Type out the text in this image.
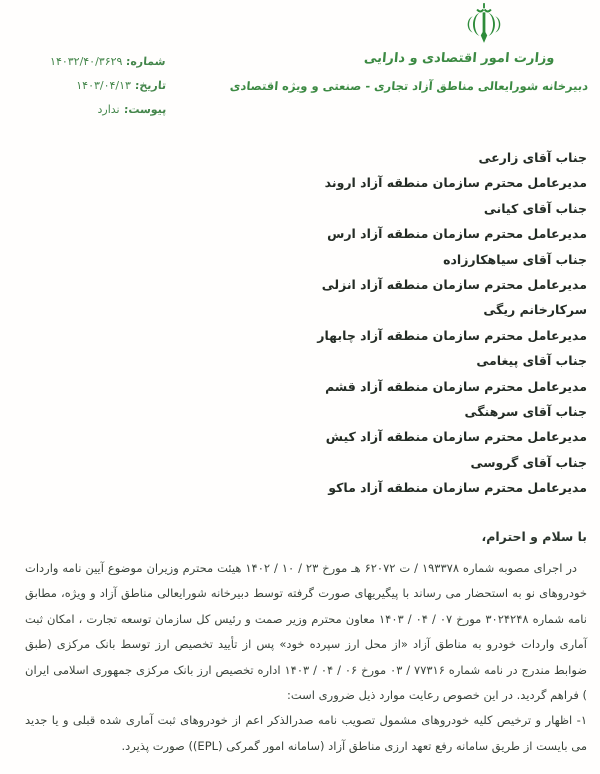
وزارت امور اقتصادی و دارایی
دبیرخانه شورایعالی مناطق آزاد تجاری - صنعتی و ویژه اقتصادی
شماره:۱۴۰۳۲/۴۰/۳۶۲۹
تاریخ:۱۴۰۳/۰۴/۱۳
پیوست:ندارد
جناب آقای زارعی
مدیرعامل محترم سازمان منطقه آزاد اروند
جناب آقای کیانی
مدیرعامل محترم سازمان منطقه آزاد ارس
جناب آقای سیاهکارزاده
مدیرعامل محترم سازمان منطقه آزاد انزلی
سرکارخانم ریگی
مدیرعامل محترم سازمان منطقه آزاد چابهار
جناب آقای پیغامی
مدیرعامل محترم سازمان منطقه آزاد قشم
جناب آقای سرهنگی
مدیرعامل محترم سازمان منطقه آزاد کیش
جناب آقای گروسی
مدیرعامل محترم سازمان منطقه آزاد ماکو
با سلام و احترام،

در اجرای مصوبه شماره ۱۹۳۳۷۸ / ت ۶۲۰۷۲ هـ مورخ ۲۳ / ۱۰ / ۱۴۰۲ هیئت محترم وزیران موضوع آیین نامه واردات خودروهای نو به استحضار می رساند با پیگیریهای صورت گرفته توسط دبیرخانه شورایعالی مناطق آزاد و ویژه، مطابق نامه شماره ۳۰۲۴۲۴۸ مورخ ۰۷ / ۰۴ / ۱۴۰۳ معاون محترم وزیر صمت و رئیس کل سازمان توسعه تجارت ، امکان ثبت آماری واردات خودرو به مناطق آزاد «از محل ارز سپرده خود» پس از تأیید تخصیص ارز توسط بانک مرکزی (طبق ضوابط مندرج در نامه شماره ۷۷۳۱۶ / ۰۳ مورخ ۰۶ / ۰۴ / ۱۴۰۳ اداره تخصیص ارز بانک مرکزی جمهوری اسلامی ایران ) فراهم گردید. در این خصوص رعایت موارد ذیل ضروری است:

۱- اظهار و ترخیص کلیه خودروهای مشمول تصویب نامه صدرالذکر اعم از خودروهای ثبت آماری شده قبلی و یا جدید می بایست از طریق سامانه رفع تعهد ارزی مناطق آزاد (سامانه امور گمرکی (EPL)) صورت پذیرد.
